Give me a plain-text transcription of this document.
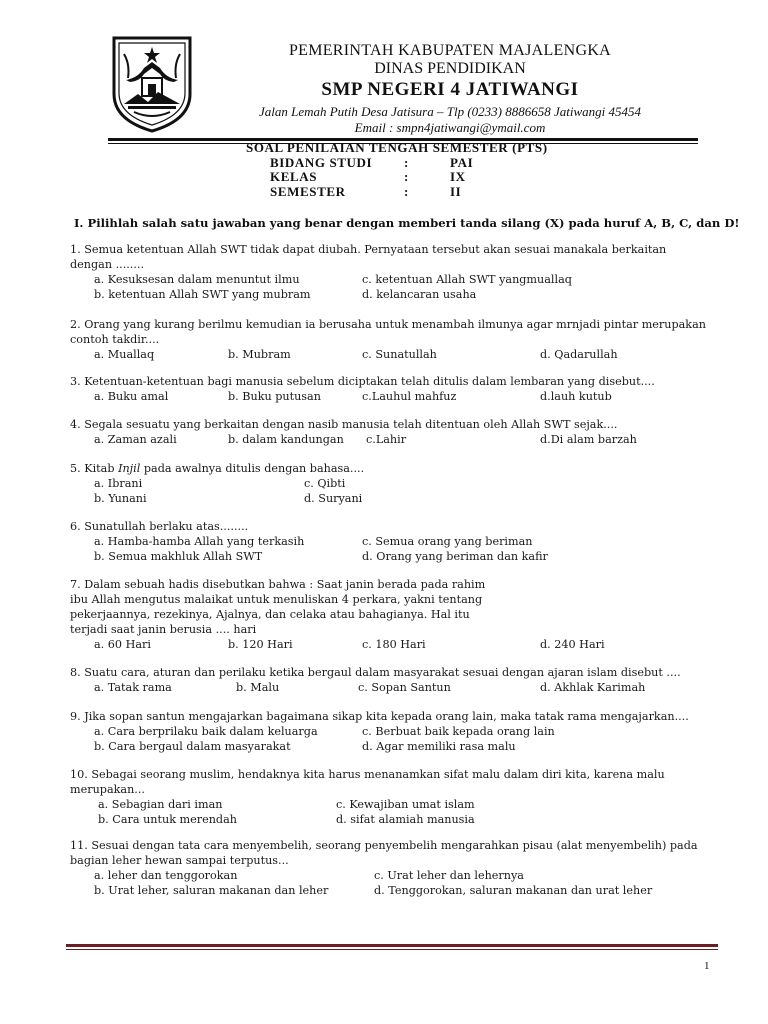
PEMERINTAH KABUPATEN MAJALENGKA
DINAS PENDIDIKAN
SMP NEGERI 4 JATIWANGI
Jalan Lemah Putih Desa Jatisura – Tlp (0233) 8886658 Jatiwangi 45454
Email : smpn4jatiwangi@ymail.com
SOAL PENILAIAN TENGAH SEMESTER (PTS)
BIDANG STUDI	:	PAI
KELAS	:	IX
SEMESTER	:	II
I. Pilihlah salah satu jawaban yang benar dengan memberi tanda silang (X) pada huruf A, B, C, dan D!
1. Semua ketentuan Allah SWT tidak dapat diubah. Pernyataan tersebut akan sesuai manakala berkaitan
dengan ........
a. Kesuksesan dalam menuntut ilmu	c. ketentuan Allah SWT yangmuallaq
b. ketentuan Allah SWT yang mubram	d. kelancaran usaha
2. Orang yang kurang berilmu kemudian ia berusaha untuk menambah ilmunya agar mrnjadi pintar merupakan
contoh takdir....
a. Muallaq	b. Mubram	c. Sunatullah	d. Qadarullah
3. Ketentuan-ketentuan bagi manusia sebelum diciptakan telah ditulis dalam lembaran yang disebut....
a. Buku amal	b. Buku putusan	c.Lauhul mahfuz	d.lauh kutub
4. Segala sesuatu yang berkaitan dengan nasib manusia telah ditentuan oleh Allah SWT sejak....
a. Zaman azali	b. dalam kandungan c.Lahir	d.Di alam barzah
5. Kitab Injil pada awalnya ditulis dengan bahasa....
a. Ibrani	c. Qibti
b. Yunani	d. Suryani
6. Sunatullah berlaku atas........
a. Hamba-hamba Allah yang terkasih	c. Semua orang yang beriman
b. Semua makhluk Allah SWT	d. Orang yang beriman dan kafir
7. Dalam sebuah hadis disebutkan bahwa : Saat janin berada pada rahim
ibu Allah mengutus malaikat untuk menuliskan 4 perkara, yakni tentang
pekerjaannya, rezekinya, Ajalnya, dan celaka atau bahagianya. Hal itu
terjadi saat janin berusia .... hari
a. 60 Hari	b. 120 Hari	c. 180 Hari	d. 240 Hari
8. Suatu cara, aturan dan perilaku ketika bergaul dalam masyarakat sesuai dengan ajaran islam disebut ....
a. Tatak rama	b. Malu	c. Sopan Santun	d. Akhlak Karimah
9. Jika sopan santun mengajarkan bagaimana sikap kita kepada orang lain, maka tatak rama mengajarkan....
a. Cara berprilaku baik dalam keluarga	c. Berbuat baik kepada orang lain
b. Cara bergaul dalam masyarakat	d. Agar memiliki rasa malu
10. Sebagai seorang muslim, hendaknya kita harus menanamkan sifat malu dalam diri kita, karena malu
merupakan...
a. Sebagian dari iman	c. Kewajiban umat islam
b. Cara untuk merendah	d. sifat alamiah manusia
11. Sesuai dengan tata cara menyembelih, seorang penyembelih mengarahkan pisau (alat menyembelih) pada
bagian leher hewan sampai terputus...
a. leher dan tenggorokan	c. Urat leher dan lehernya
b. Urat leher, saluran makanan dan leher	d. Tenggorokan, saluran makanan dan urat leher
1
